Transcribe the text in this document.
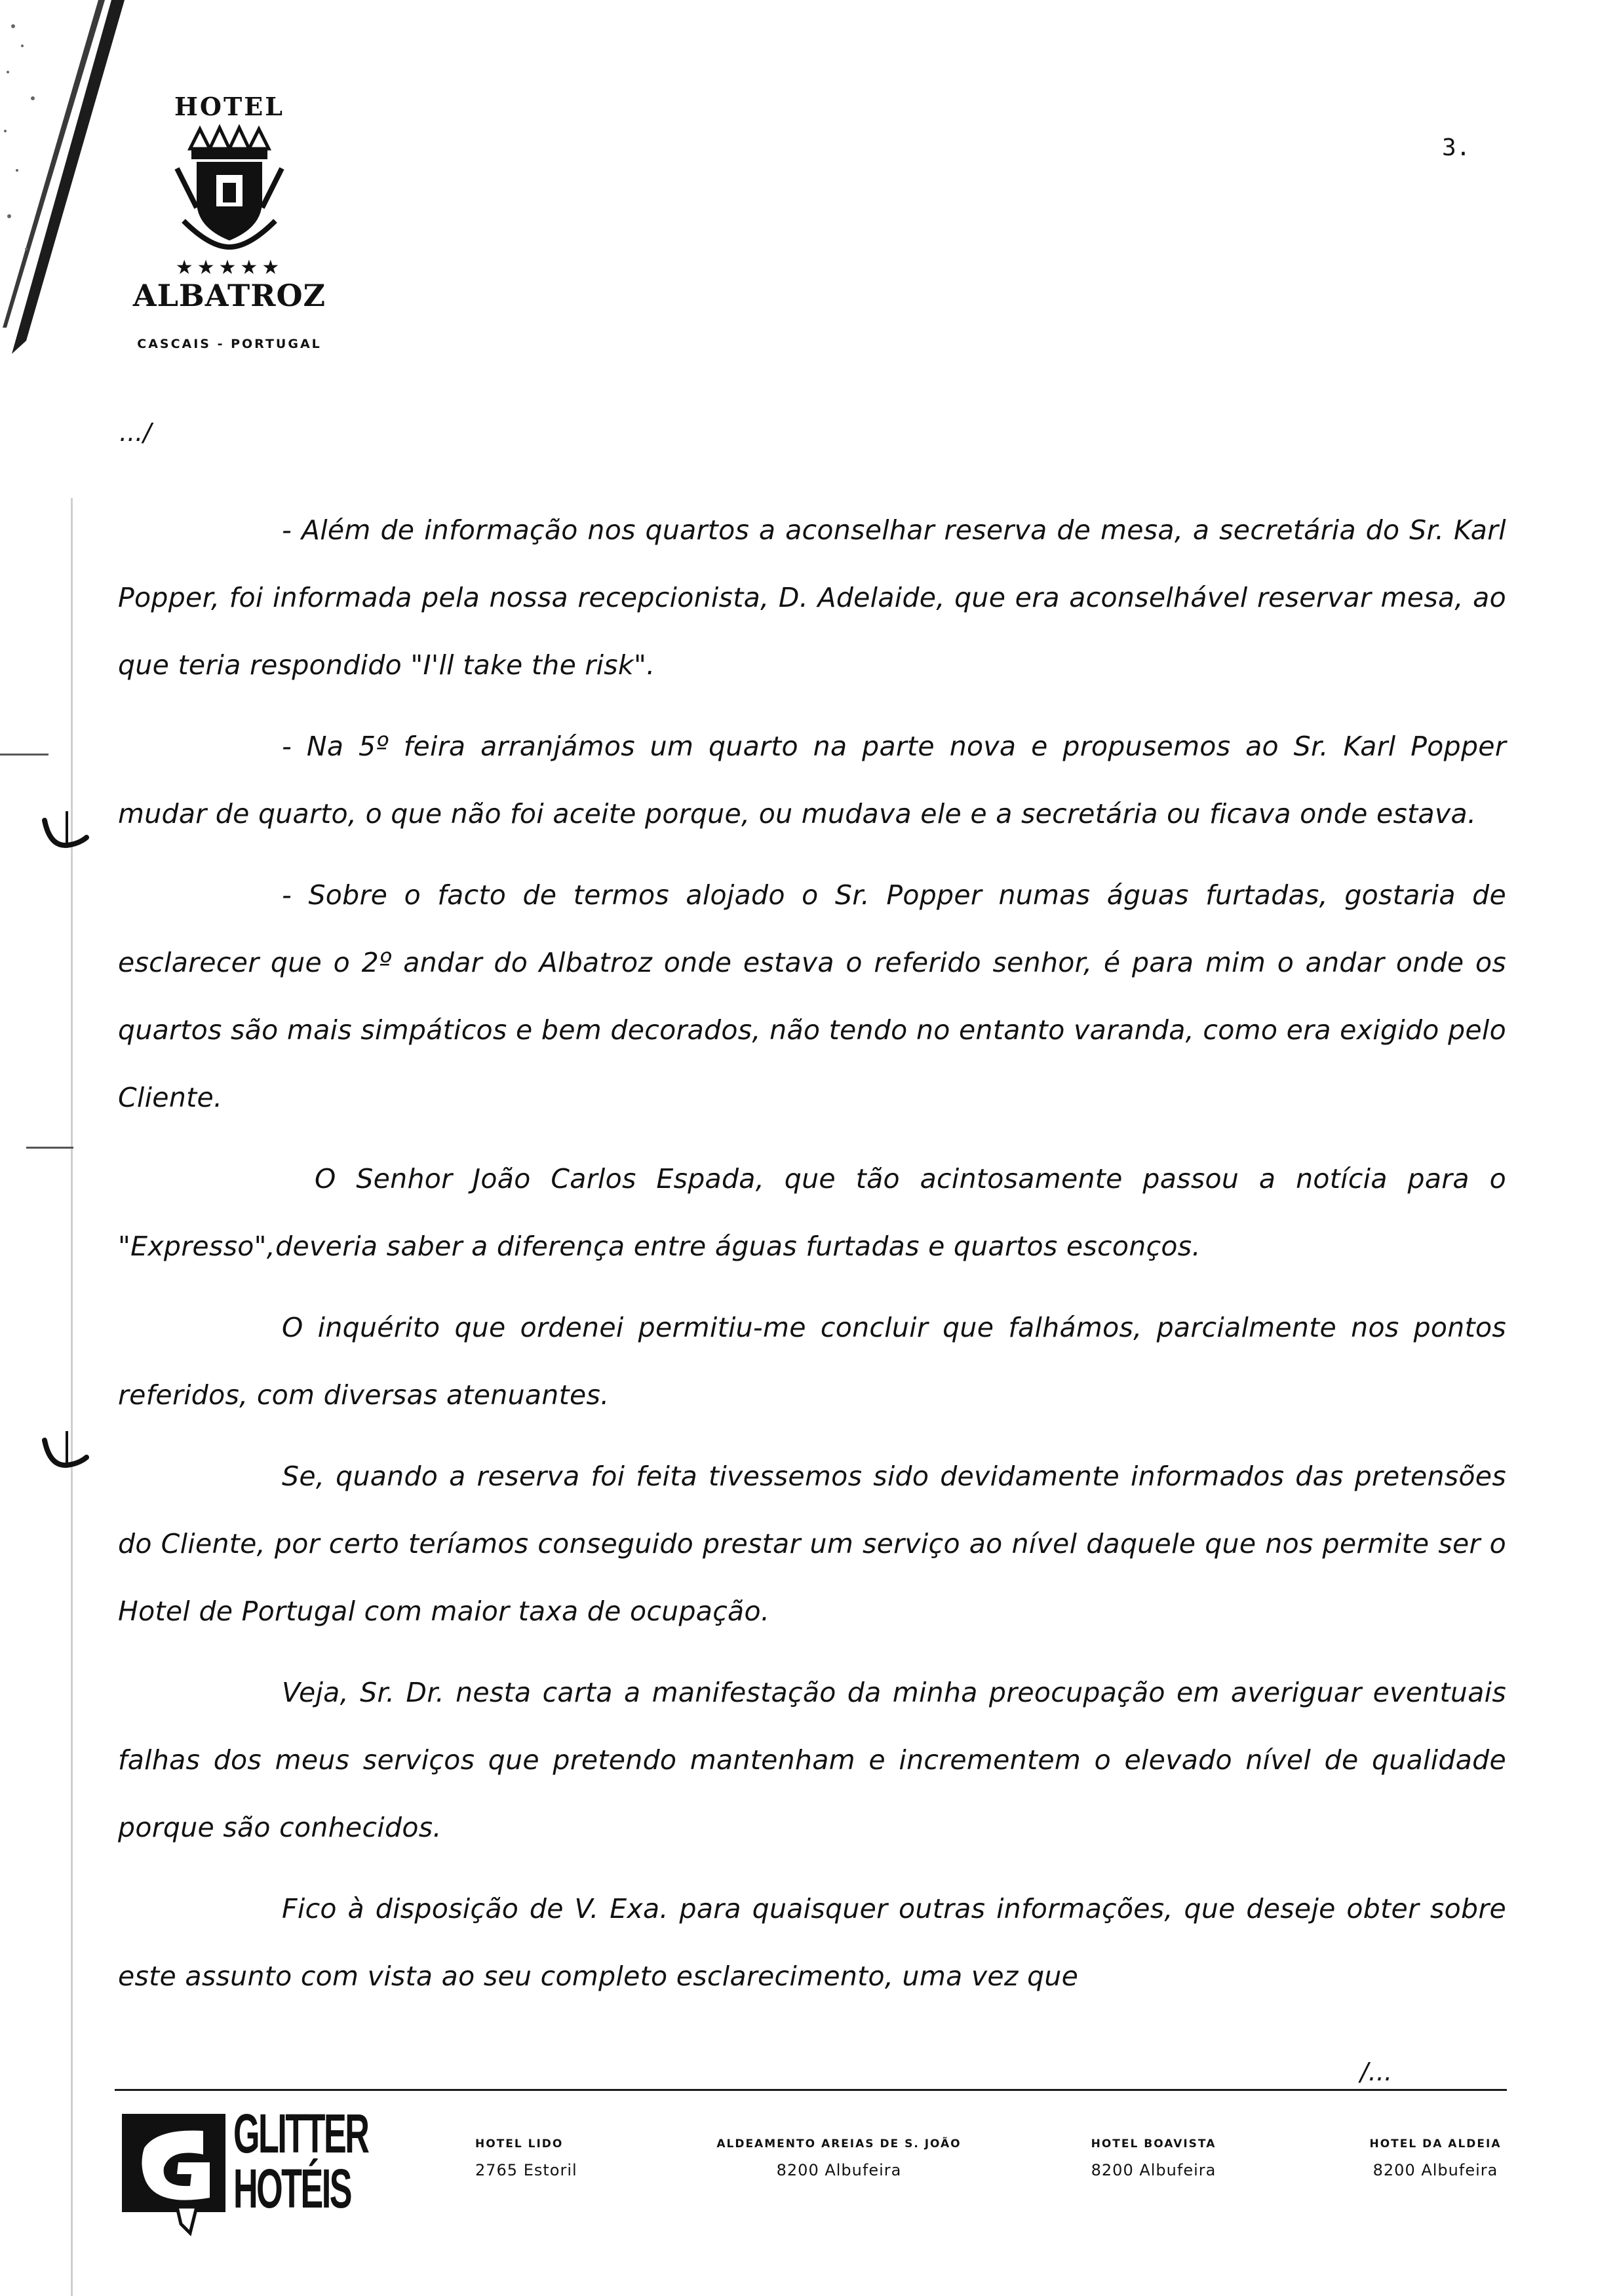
HOTEL
★★★★★
ALBATROZ
CASCAIS - PORTUGAL
3.
.../

- Além de informação nos quartos a aconselhar reserva de mesa, a secretária do Sr. Karl Popper, foi informada pela nossa recepcionista, D. Adelaide, que era aconselhável reservar mesa, ao que teria respondido "I'll take the risk".

- Na 5º feira arranjámos um quarto na parte nova e propusemos ao Sr. Karl Popper mudar de quarto, o que não foi aceite porque, ou mudava ele e a secretária ou ficava onde estava.

- Sobre o facto de termos alojado o Sr. Popper numas águas furtadas, gostaria de esclarecer que o 2º andar do Albatroz onde estava o referido senhor, é para mim o andar onde os quartos são mais simpáticos e bem decorados, não tendo no entanto varanda, como era exigido pelo Cliente.

O Senhor João Carlos Espada, que tão acintosamente passou a notícia para o "Expresso",deveria saber a diferença entre águas furtadas e quartos esconços.

O inquérito que ordenei permitiu-me concluir que falhámos, parcialmente nos pontos referidos, com diversas atenuantes.

Se, quando a reserva foi feita tivessemos sido devidamente informados das pretensões do Cliente, por certo teríamos conseguido prestar um serviço ao nível daquele que nos permite ser o Hotel de Portugal com maior taxa de ocupação.

Veja, Sr. Dr. nesta carta a manifestação da minha preocupação em averiguar eventuais falhas dos meus serviços que pretendo mantenham e incrementem o elevado nível de qualidade porque são conhecidos.

Fico à disposição de V. Exa. para quaisquer outras informações, que deseje obter sobre este assunto com vista ao seu completo esclarecimento, uma vez que

/...
GLITTER
HOTÉIS
HOTEL LIDO
2765 Estoril
ALDEAMENTO AREIAS DE S. JOÃO
8200 Albufeira
HOTEL BOAVISTA
8200 Albufeira
HOTEL DA ALDEIA
8200 Albufeira
